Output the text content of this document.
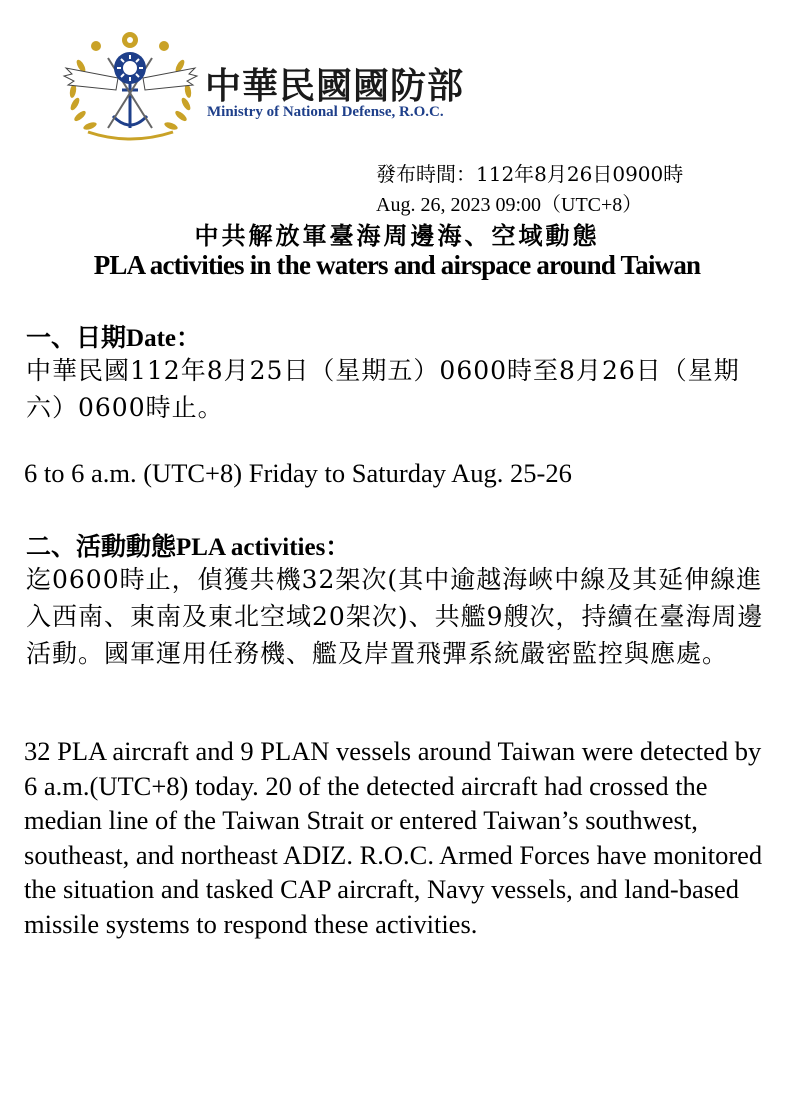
中華民國國防部
Ministry of National Defense, R.O.C.
發布時間：112年8月26日0900時
Aug. 26, 2023 09:00（UTC+8）
中共解放軍臺海周邊海、空域動態
PLA activities in the waters and airspace around Taiwan
一、日期Date：
中華民國112年8月25日（星期五）0600時至8月26日（星期六）0600時止。
6 to 6 a.m. (UTC+8) Friday to Saturday Aug. 25-26
二、活動動態PLA activities：
迄0600時止，偵獲共機32架次(其中逾越海峽中線及其延伸線進入西南、東南及東北空域20架次)、共艦9艘次，持續在臺海周邊活動。國軍運用任務機、艦及岸置飛彈系統嚴密監控與應處。
32 PLA aircraft and 9 PLAN vessels around Taiwan were detected by 6 a.m.(UTC+8) today. 20 of the detected aircraft had crossed the median line of the Taiwan Strait or entered Taiwan’s southwest, southeast, and northeast ADIZ. R.O.C. Armed Forces have monitored the situation and tasked CAP aircraft, Navy vessels, and land-based missile systems to respond these activities.
